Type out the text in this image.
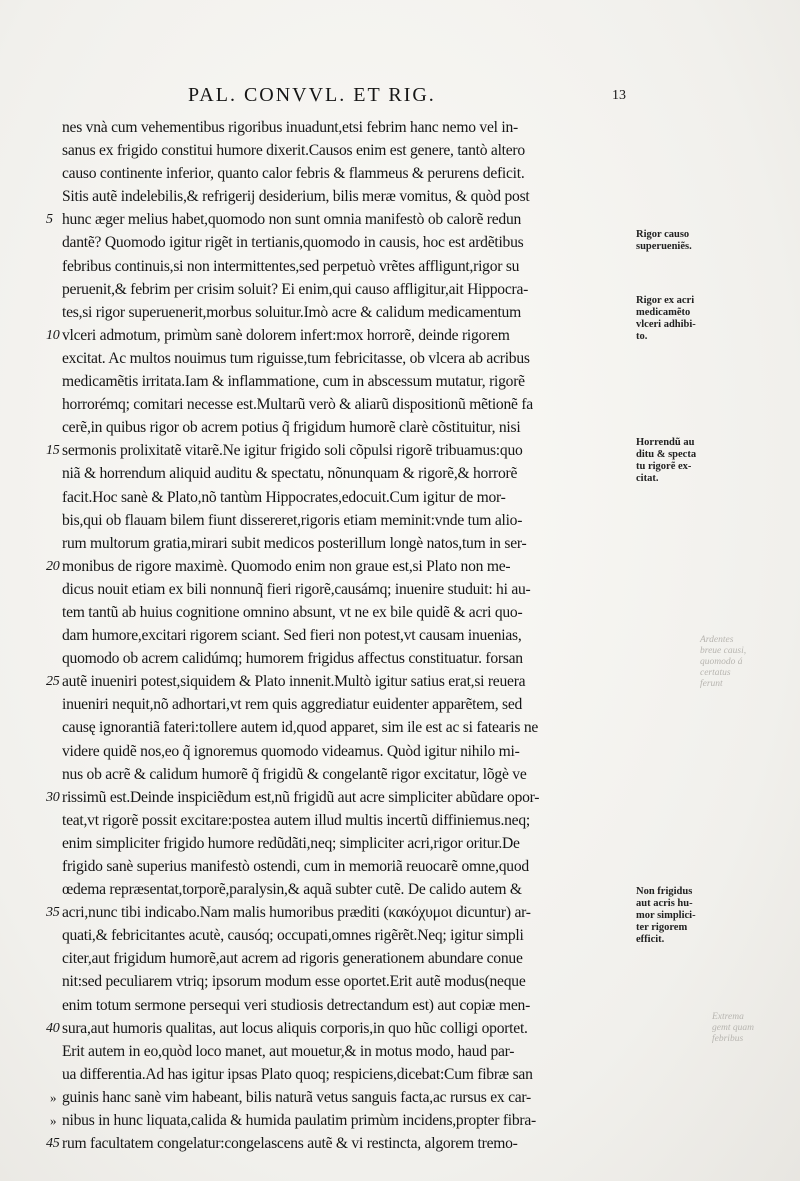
PAL. CONVVL. ET RIG.	13
nes vnà cum vehementibus rigoribus inuadunt,etsi febrim hanc nemo vel in-
sanus ex frigido constitui humore dixerit.Causos enim est genere, tantò altero
causo continente inferior, quanto calor febris & flammeus & perurens deficit.
Sitis autẽ indelebilis,& refrigerij desiderium, bilis meræ vomitus, & quòd post
5 hunc æger melius habet,quomodo non sunt omnia manifestò ob calorẽ redun
dantẽ? Quomodo igitur rigẽt in tertianis,quomodo in causis, hoc est ardẽtibus
febribus continuis,si non intermittentes,sed perpetuò vrẽtes affligunt,rigor su
peruenit,& febrim per crisim soluit? Ei enim,qui causo affligitur,ait Hippocra-
tes,si rigor superuenerit,morbus soluitur.Imò acre & calidum medicamentum
10 vlceri admotum, primùm sanè dolorem infert:mox horrorẽ, deinde rigorem
excitat. Ac multos nouimus tum riguisse,tum febricitasse, ob vlcera ab acribus
medicamẽtis irritata.Iam & inflammatione, cum in abscessum mutatur, rigorẽ
horrorémq; comitari necesse est.Multarũ verò & aliarũ dispositionũ mẽtionẽ fa
cerẽ,in quibus rigor ob acrem potius q̃ frigidum humorẽ clarè cõstituitur, nisi
15 sermonis prolixitatẽ vitarẽ.Ne igitur frigido soli cõpulsi rigorẽ tribuamus:quo
niã & horrendum aliquid auditu & spectatu, nõnunquam & rigorẽ,& horrorẽ
facit.Hoc sanè & Plato,nõ tantùm Hippocrates,edocuit.Cum igitur de mor-
bis,qui ob flauam bilem fiunt dissereret,rigoris etiam meminit:vnde tum alio-
rum multorum gratia,mirari subit medicos posterillum longè natos,tum in ser-
20 monibus de rigore maximè. Quomodo enim non graue est,si Plato non me-
dicus nouit etiam ex bili nonnunq̃ fieri rigorẽ,causámq; inuenire studuit: hi au-
tem tantũ ab huius cognitione omnino absunt, vt ne ex bile quidẽ & acri quo-
dam humore,excitari rigorem sciant. Sed fieri non potest,vt causam inuenias,
quomodo ob acrem calidúmq; humorem frigidus affectus constituatur. forsan
25 autẽ inueniri potest,siquidem & Plato innenit.Multò igitur satius erat,si reuera
inueniri nequit,nõ adhortari,vt rem quis aggrediatur euidenter apparẽtem, sed
causę ignorantiã fateri:tollere autem id,quod apparet, sim ile est ac si fatearis ne
videre quidẽ nos,eo q̃ ignoremus quomodo videamus. Quòd igitur nihilo mi-
nus ob acrẽ & calidum humorẽ q̃ frigidũ & congelantẽ rigor excitatur, lõgè ve
30 rissimũ est.Deinde inspiciẽdum est,nũ frigidũ aut acre simpliciter abũdare opor-
teat,vt rigorẽ possit excitare:postea autem illud multis incertũ diffiniemus.neq;
enim simpliciter frigido humore redũdãti,neq; simpliciter acri,rigor oritur.De
frigido sanè superius manifestò ostendi, cum in memoriã reuocarẽ omne,quod
œdema repræsentat,torporẽ,paralysin,& aquã subter cutẽ. De calido autem &
35 acri,nunc tibi indicabo.Nam malis humoribus præditi (κακόχυμοι dicuntur) ar-
quati,& febricitantes acutè, causóq; occupati,omnes rigẽrẽt.Neq; igitur simpli
citer,aut frigidum humorẽ,aut acrem ad rigoris generationem abundare conue
nit:sed peculiarem vtriq; ipsorum modum esse oportet.Erit autẽ modus(neque
enim totum sermone persequi veri studiosis detrectandum est) aut copiæ men-
40 sura,aut humoris qualitas, aut locus aliquis corporis,in quo hũc colligi oportet.
Erit autem in eo,quòd loco manet, aut mouetur,& in motus modo, haud par-
ua differentia.Ad has igitur ipsas Plato quoq; respiciens,dicebat:Cum fibræ san
» guinis hanc sanè vim habeant, bilis naturã vetus sanguis facta,ac rursus ex car-
» nibus in hunc liquata,calida & humida paulatim primùm incidens,propter fibra-
45 rum facultatem congelatur:congelascens autẽ & vi restincta, algorem tremo-
Rigor causo
superueniẽs.
Rigor ex acri
medicamẽto
vlceri adhibi-
to.
Horrendũ au
ditu & specta
tu rigorẽ ex-
citat.
Non frigidus
aut acris hu-
mor simplici-
ter rigorem
efficit.
Ardentes
breue causi,
quomodo á
certatus
ferunt
Extrema
gemt quam
febribus
